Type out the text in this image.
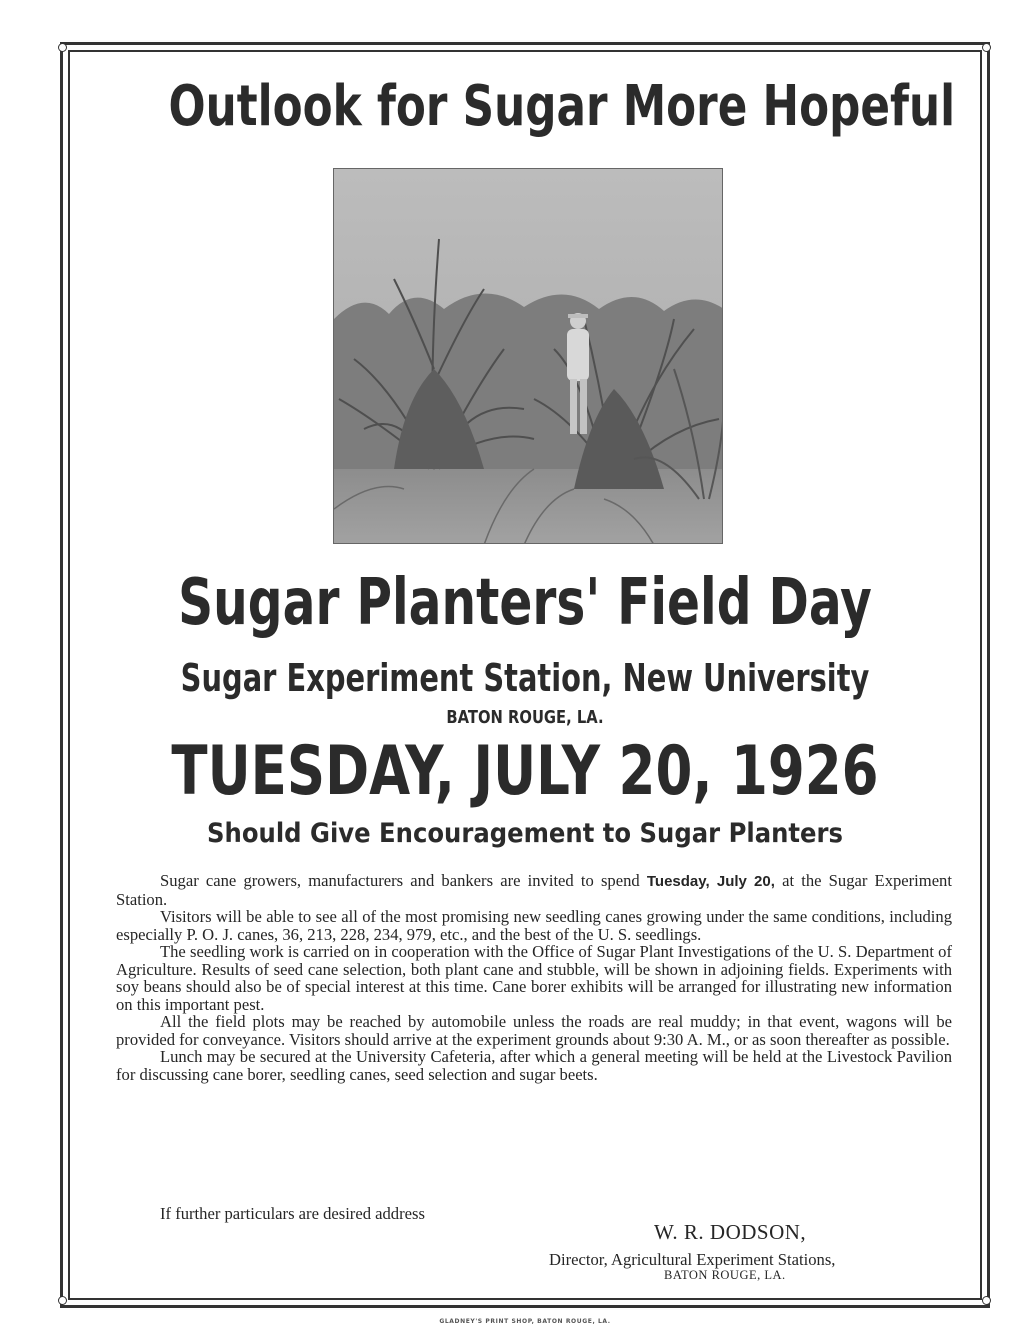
Outlook for Sugar More Hopeful
Sugar Planters' Field Day
Sugar Experiment Station, New University
BATON ROUGE, LA.
TUESDAY, JULY 20, 1926
Should Give Encouragement to Sugar Planters

Sugar cane growers, manufacturers and bankers are invited to spend Tuesday, July 20, at the Sugar Experiment Station.

Visitors will be able to see all of the most promising new seedling canes growing under the same conditions, including especially P. O. J. canes, 36, 213, 228, 234, 979, etc., and the best of the U. S. seedlings.

The seedling work is carried on in cooperation with the Office of Sugar Plant Investigations of the U. S. Department of Agriculture. Results of seed cane selection, both plant cane and stubble, will be shown in adjoining fields. Experiments with soy beans should also be of special interest at this time. Cane borer exhibits will be arranged for illustrating new information on this important pest.

All the field plots may be reached by automobile unless the roads are real muddy; in that event, wagons will be provided for conveyance. Visitors should arrive at the experiment grounds about 9:30 A. M., or as soon thereafter as possible.

Lunch may be secured at the University Cafeteria, after which a general meeting will be held at the Livestock Pavilion for discussing cane borer, seedling canes, seed selection and sugar beets.

If further particulars are desired address
W. R. DODSON,
Director, Agricultural Experiment Stations,
BATON ROUGE, LA.
GLADNEY'S PRINT SHOP, BATON ROUGE, LA.
